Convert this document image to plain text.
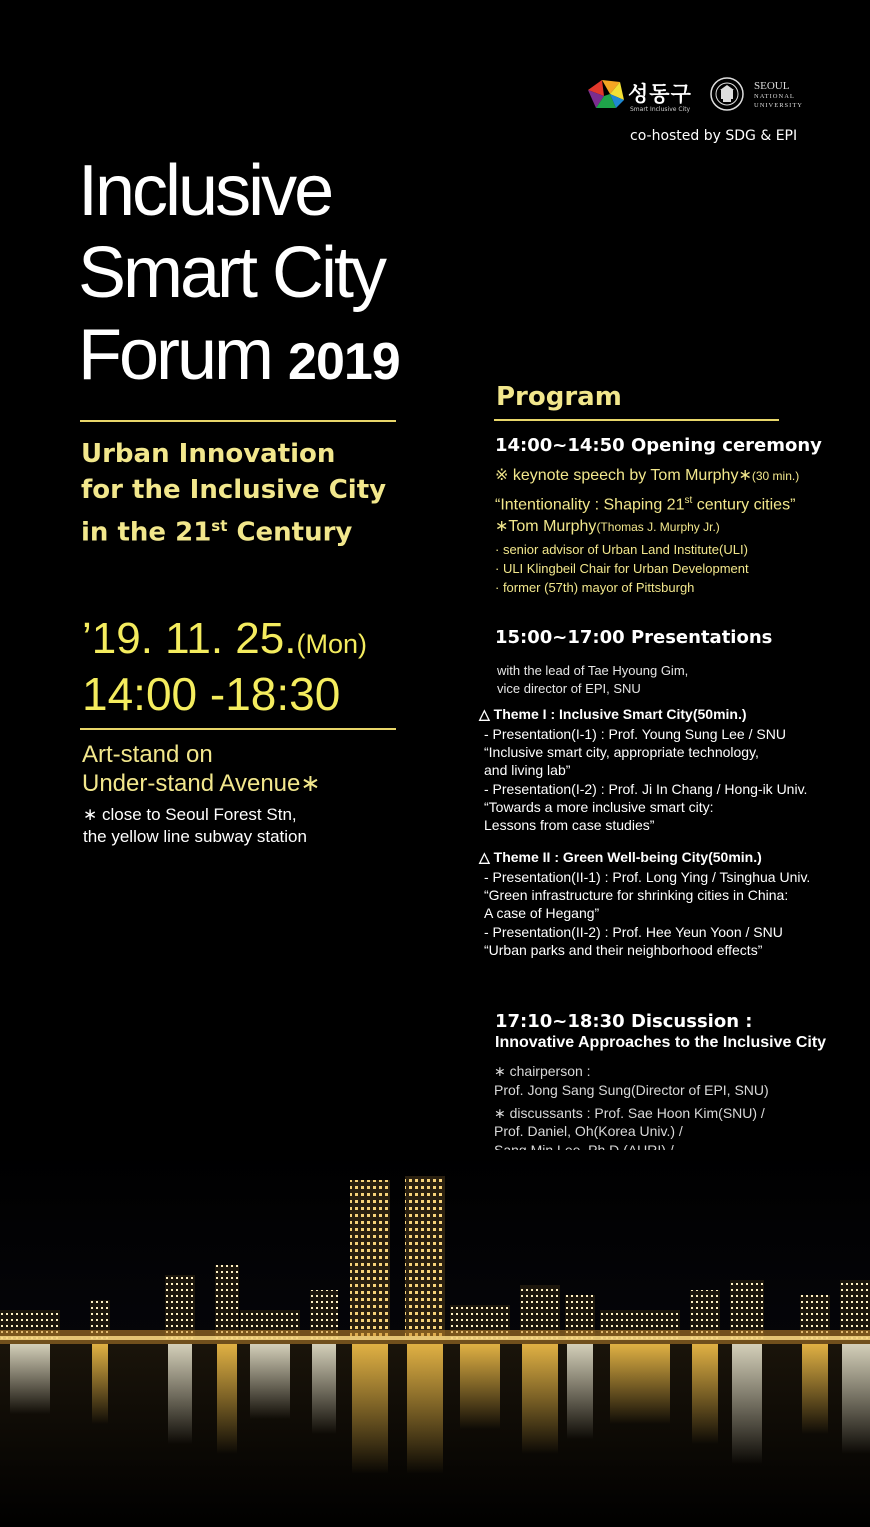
성동구
Smart Inclusive City
SEOUL
NATIONAL
UNIVERSITY
co-hosted by SDG & EPI
Inclusive
Smart City
Forum 2019
Urban Innovation
for the Inclusive City
in the 21st Century
’19. 11. 25.(Mon)
14:00 -18:30
Art-stand on
Under-stand Avenue∗
∗ close to Seoul Forest Stn,
the yellow line subway station
Program
14:00~14:50 Opening ceremony
※ keynote speech by Tom Murphy∗(30 min.)
“Intentionality : Shaping 21st century cities”
∗Tom Murphy(Thomas J. Murphy Jr.)
· senior advisor of Urban Land Institute(ULI)
· ULI Klingbeil Chair for Urban Development
· former (57th) mayor of Pittsburgh
15:00~17:00 Presentations
with the lead of Tae Hyoung Gim,
vice director of EPI, SNU
△ Theme I : Inclusive Smart City(50min.)
- Presentation(I-1) : Prof. Young Sung Lee / SNU
“Inclusive smart city, appropriate technology,
and living lab”
- Presentation(I-2) : Prof. Ji In Chang / Hong-ik Univ.
“Towards a more inclusive smart city:
Lessons from case studies”
△ Theme II : Green Well-being City(50min.)
- Presentation(II-1) : Prof. Long Ying / Tsinghua Univ.
“Green infrastructure for shrinking cities in China:
A case of Hegang”
- Presentation(II-2) : Prof. Hee Yeun Yoon / SNU
“Urban parks and their neighborhood effects”
17:10~18:30 Discussion :
Innovative Approaches to the Inclusive City
∗ chairperson :
Prof. Jong Sang Sung(Director of EPI, SNU)
∗ discussants : Prof. Sae Hoon Kim(SNU) /
Prof. Daniel, Oh(Korea Univ.) /
